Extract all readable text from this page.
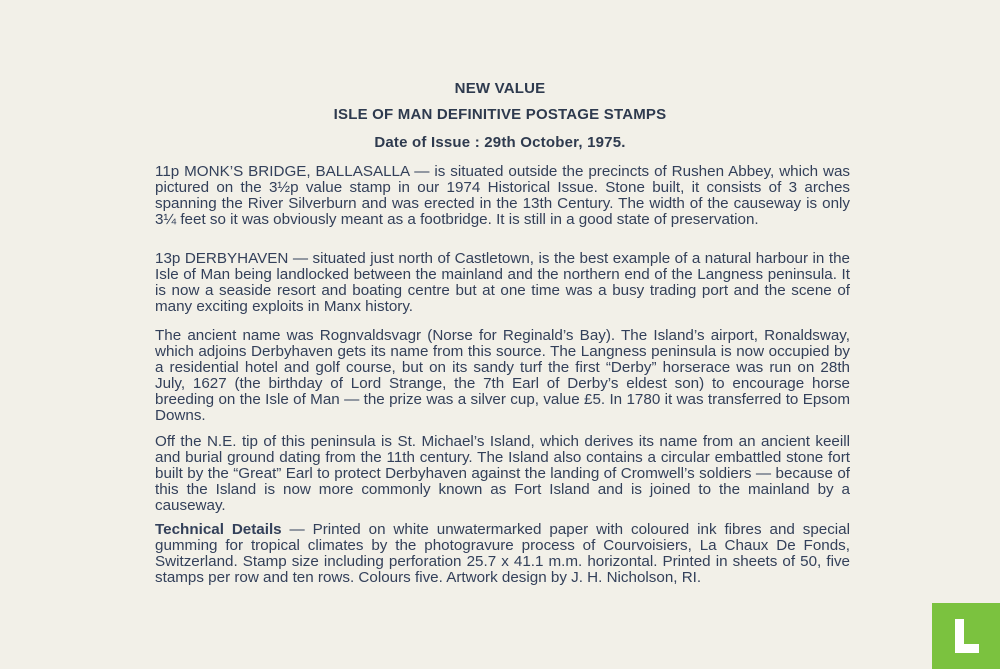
NEW VALUE
ISLE OF MAN DEFINITIVE POSTAGE STAMPS
Date of Issue : 29th October, 1975.

11p MONK’S BRIDGE, BALLASALLA — is situated outside the precincts of Rushen Abbey, which was pictured on the 3½p value stamp in our 1974 Historical Issue. Stone built, it consists of 3 arches spanning the River Silverburn and was erected in the 13th Century. The width of the causeway is only 3¼ feet so it was obviously meant as a footbridge. It is still in a good state of preservation.

13p DERBYHAVEN — situated just north of Castletown, is the best example of a natural harbour in the Isle of Man being landlocked between the mainland and the northern end of the Langness peninsula. It is now a seaside resort and boating centre but at one time was a busy trading port and the scene of many exciting exploits in Manx history.

The ancient name was Rognvaldsvagr (Norse for Reginald’s Bay). The Island’s airport, Ronaldsway, which adjoins Derbyhaven gets its name from this source. The Langness peninsula is now occupied by a residential hotel and golf course, but on its sandy turf the first “Derby” horserace was run on 28th July, 1627 (the birthday of Lord Strange, the 7th Earl of Derby’s eldest son) to encourage horse breeding on the Isle of Man — the prize was a silver cup, value £5. In 1780 it was transferred to Epsom Downs.

Off the N.E. tip of this peninsula is St. Michael’s Island, which derives its name from an ancient keeill and burial ground dating from the 11th century. The Island also contains a circular embattled stone fort built by the “Great” Earl to protect Derbyhaven against the landing of Cromwell’s soldiers — because of this the Island is now more commonly known as Fort Island and is joined to the mainland by a causeway.

Technical Details — Printed on white unwatermarked paper with coloured ink fibres and special gumming for tropical climates by the photogravure process of Courvoisiers, La Chaux De Fonds, Switzerland. Stamp size including perforation 25.7 x 41.1 m.m. horizontal. Printed in sheets of 50, five stamps per row and ten rows. Colours five. Artwork design by J. H. Nicholson, RI.
